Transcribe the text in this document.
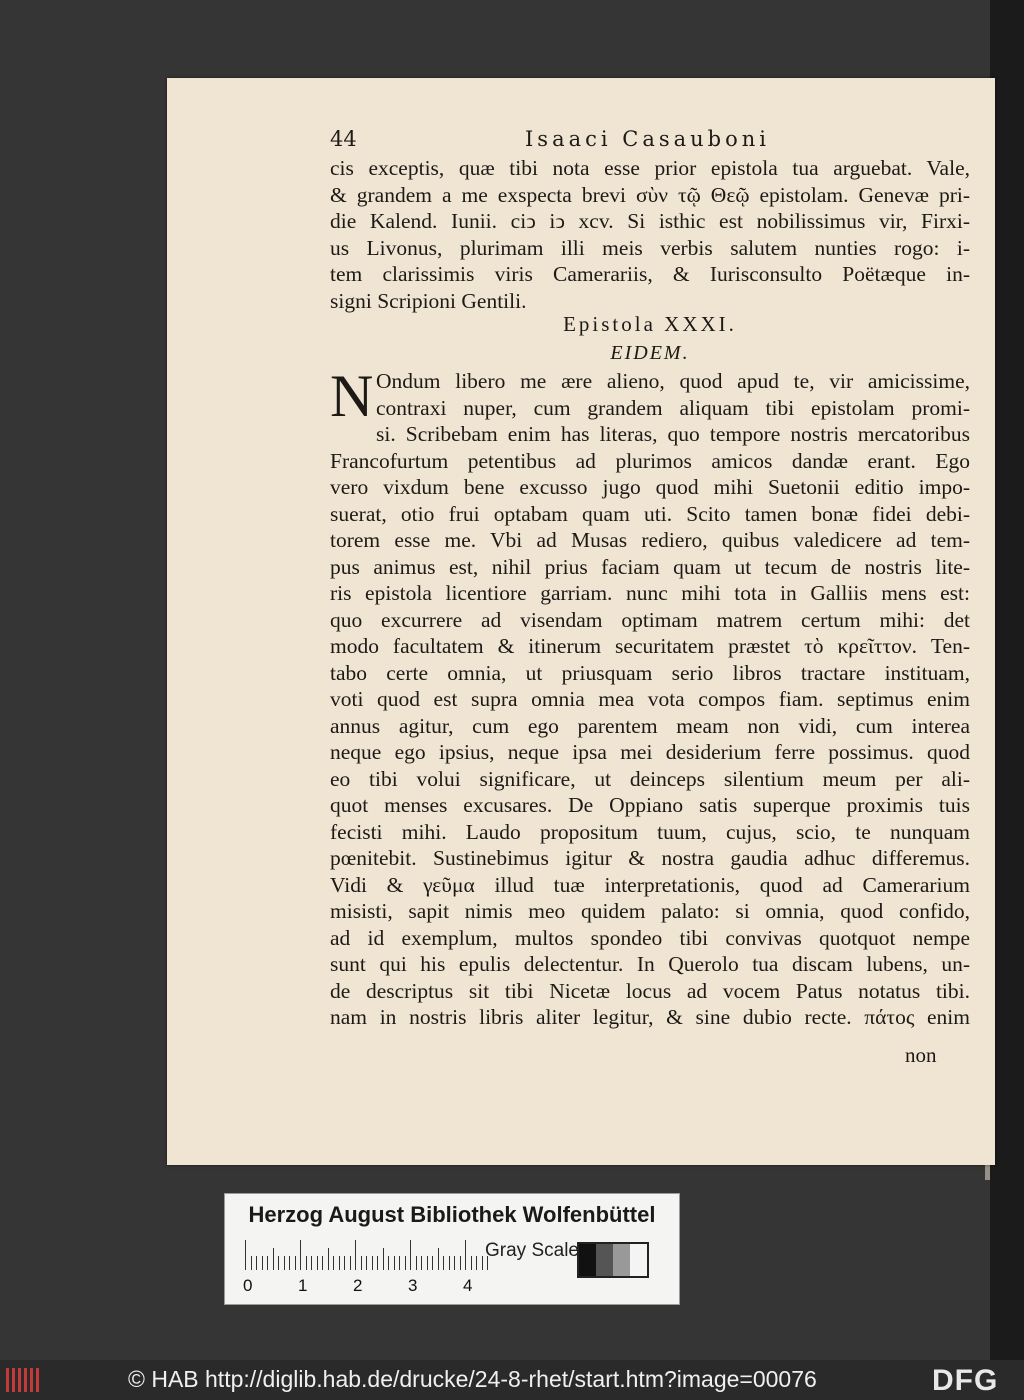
44	Isaaci Casauboni
cis exceptis, quæ tibi nota esse prior epistola tua arguebat. Vale,
& grandem a me exspecta brevi σὺν τῷ Θεῷ epistolam. Genevæ pri-
die Kalend. Iunii. ciↄ iↄ xcv. Si isthic est nobilissimus vir, Firxi-
us Livonus, plurimam illi meis verbis salutem nunties rogo: i-
tem clarissimis viris Camerariis, & Iurisconsulto Poëtæque in-
signi Scripioni Gentili.
Epistola XXXI.
EIDEM.
N Ondum libero me ære alieno, quod apud te, vir amicissime,
contraxi nuper, cum grandem aliquam tibi epistolam promi-
si. Scribebam enim has literas, quo tempore nostris mercatoribus
Francofurtum petentibus ad plurimos amicos dandæ erant. Ego
vero vixdum bene excusso jugo quod mihi Suetonii editio impo-
suerat, otio frui optabam quam uti. Scito tamen bonæ fidei debi-
torem esse me. Vbi ad Musas rediero, quibus valedicere ad tem-
pus animus est, nihil prius faciam quam ut tecum de nostris lite-
ris epistola licentiore garriam. nunc mihi tota in Galliis mens est:
quo excurrere ad visendam optimam matrem certum mihi: det
modo facultatem & itinerum securitatem præstet τὸ κρεῖττον. Ten-
tabo certe omnia, ut priusquam serio libros tractare instituam,
voti quod est supra omnia mea vota compos fiam. septimus enim
annus agitur, cum ego parentem meam non vidi, cum interea
neque ego ipsius, neque ipsa mei desiderium ferre possimus. quod
eo tibi volui significare, ut deinceps silentium meum per ali-
quot menses excusares. De Oppiano satis superque proximis tuis
fecisti mihi. Laudo propositum tuum, cujus, scio, te nunquam
pœnitebit. Sustinebimus igitur & nostra gaudia adhuc differemus.
Vidi & γεῦμα illud tuæ interpretationis, quod ad Camerarium
misisti, sapit nimis meo quidem palato: si omnia, quod confido,
ad id exemplum, multos spondeo tibi convivas quotquot nempe
sunt qui his epulis delectentur. In Querolo tua discam lubens, un-
de descriptus sit tibi Nicetæ locus ad vocem Patus notatus tibi.
nam in nostris libris aliter legitur, & sine dubio recte. πάτος enim
non
Herzog August Bibliothek Wolfenbüttel
0	1	2	3	4
Gray Scale
© HAB http://diglib.hab.de/drucke/24-8-rhet/start.htm?image=00076	DFG
